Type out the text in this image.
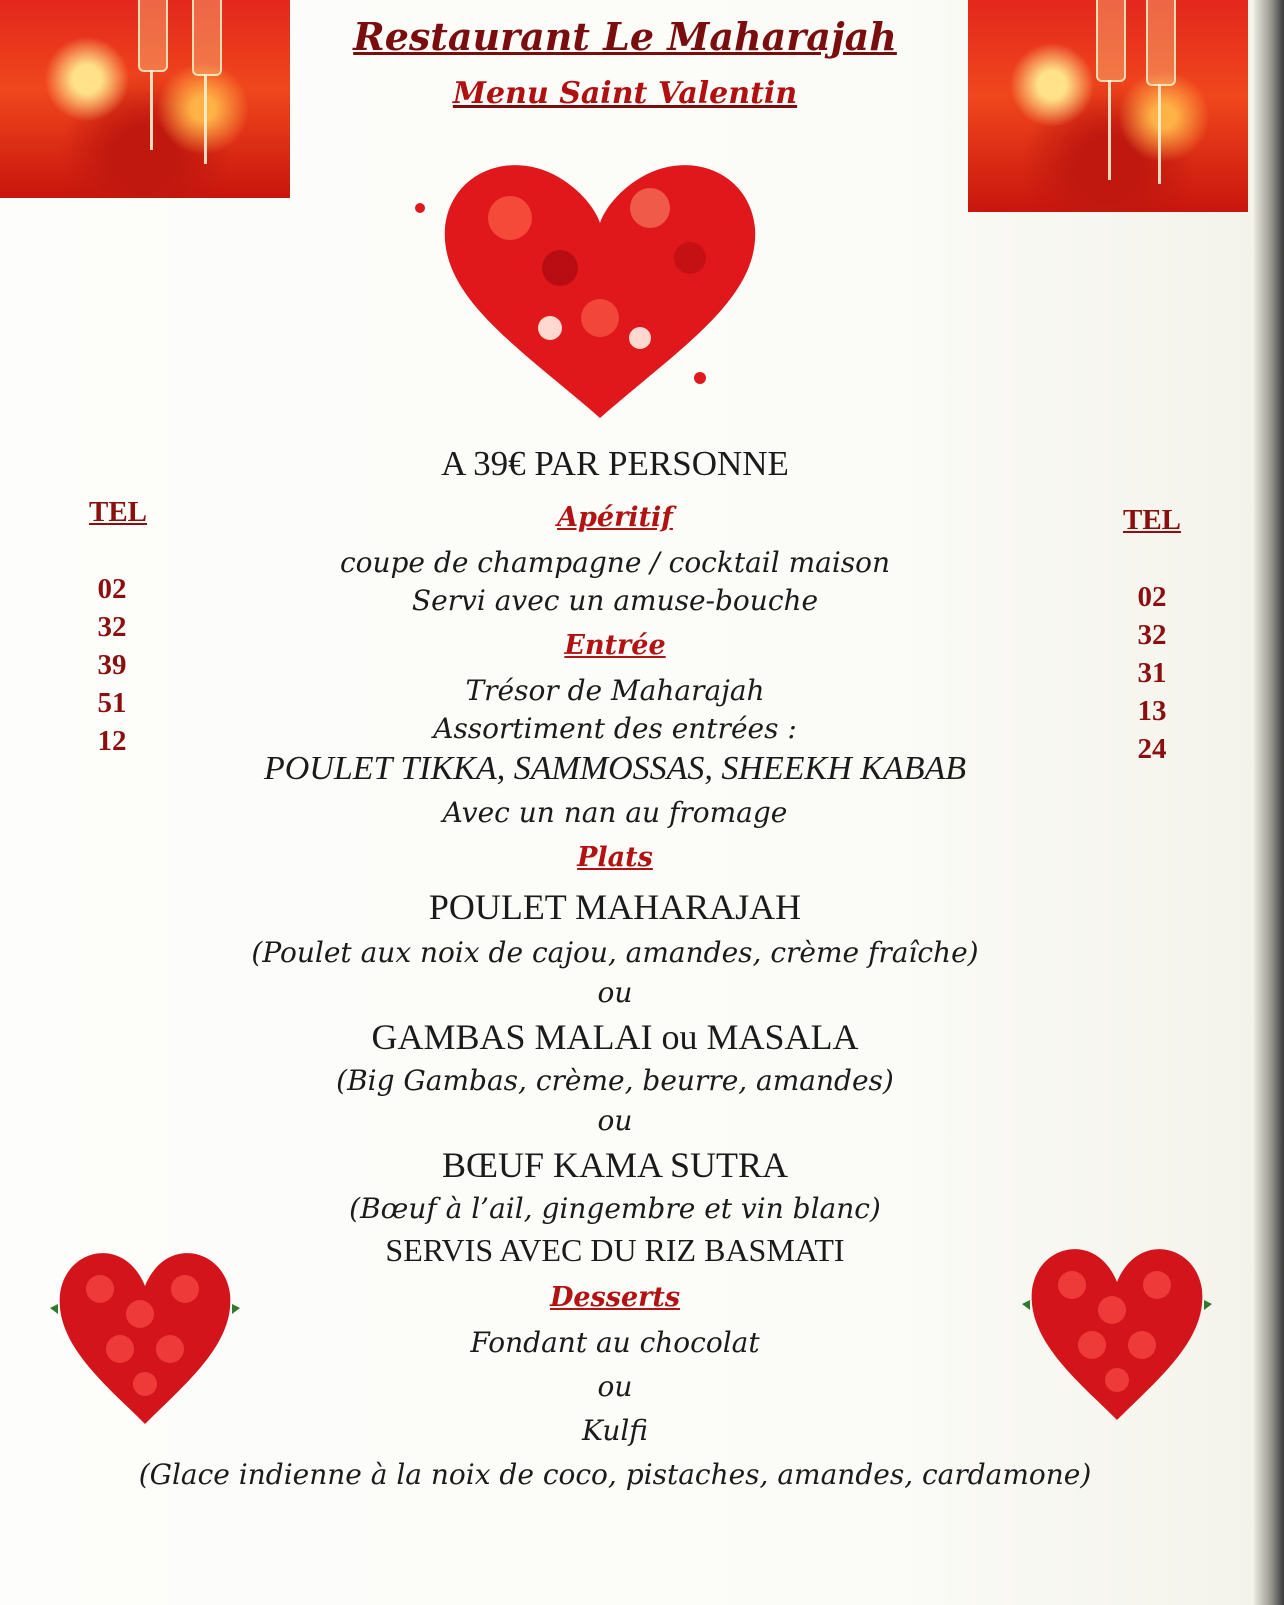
Restaurant Le Maharajah
Menu Saint Valentin
A 39€ PAR PERSONNE
TEL
02
32
39
51
12
TEL
02
32
31
13
24
Apéritif
coupe de champagne / cocktail maison
Servi avec un amuse-bouche
Entrée
Trésor de Maharajah
Assortiment des entrées :
POULET TIKKA, SAMMOSSAS, SHEEKH KABAB
Avec un nan au fromage
Plats
POULET MAHARAJAH
(Poulet aux noix de cajou, amandes, crème fraîche)
ou
GAMBAS MALAI ou MASALA
(Big Gambas, crème, beurre, amandes)
ou
BŒUF KAMA SUTRA
(Bœuf à l’ail, gingembre et vin blanc)
SERVIS AVEC DU RIZ BASMATI
Desserts
Fondant au chocolat
ou
Kulfi
(Glace indienne à la noix de coco, pistaches, amandes, cardamone)
